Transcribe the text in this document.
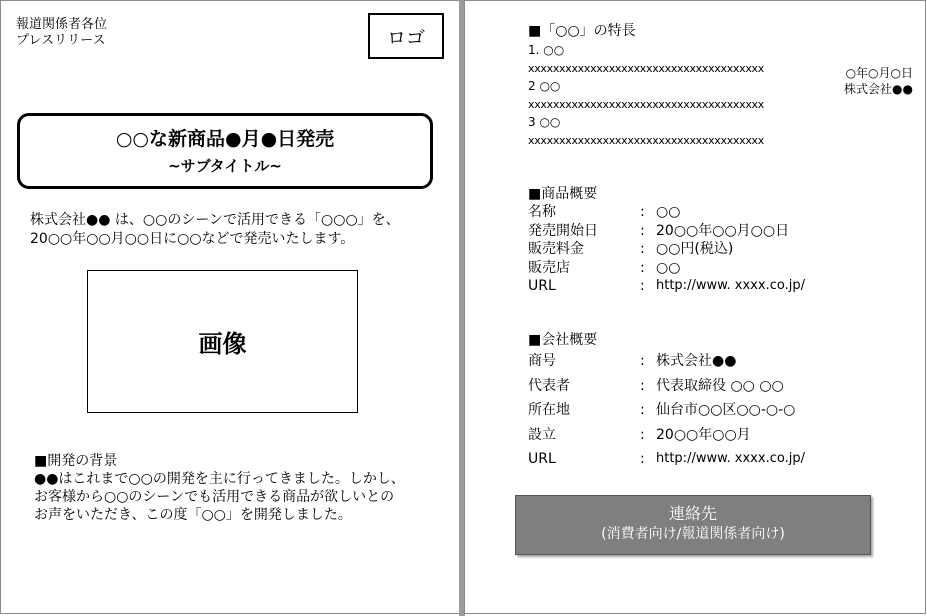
報道関係者各位
プレスリリース	ロゴ
○年○月○日
株式会社●●
○○な新商品●月●日発売
~サブタイトル~
株式会社●● は、○○のシーンで活用できる「○○○」を、
20○○年○○月○○日に○○などで発売いたします。
画像
■開発の背景
●●はこれまで○○の開発を主に行ってきました。しかし、
お客様から○○のシーンでも活用できる商品が欲しいとの
お声をいただき、この度「○○」を開発しました。
■「○○」の特長
1. ○○
xxxxxxxxxxxxxxxxxxxxxxxxxxxxxxxxxxxxxx
2 ○○
xxxxxxxxxxxxxxxxxxxxxxxxxxxxxxxxxxxxxx
3 ○○
xxxxxxxxxxxxxxxxxxxxxxxxxxxxxxxxxxxxxx
■商品概要
名称	: ○○
発売開始日	: 20○○年○○月○○日
販売料金	: ○○円(税込)
販売店	: ○○
URL	: http://www. xxxx.co.jp/
■会社概要
商号	: 株式会社●●
代表者	: 代表取締役 ○○ ○○
所在地	: 仙台市○○区○○-○-○
設立	: 20○○年○○月
URL	: http://www. xxxx.co.jp/
連絡先
(消費者向け/報道関係者向け)
